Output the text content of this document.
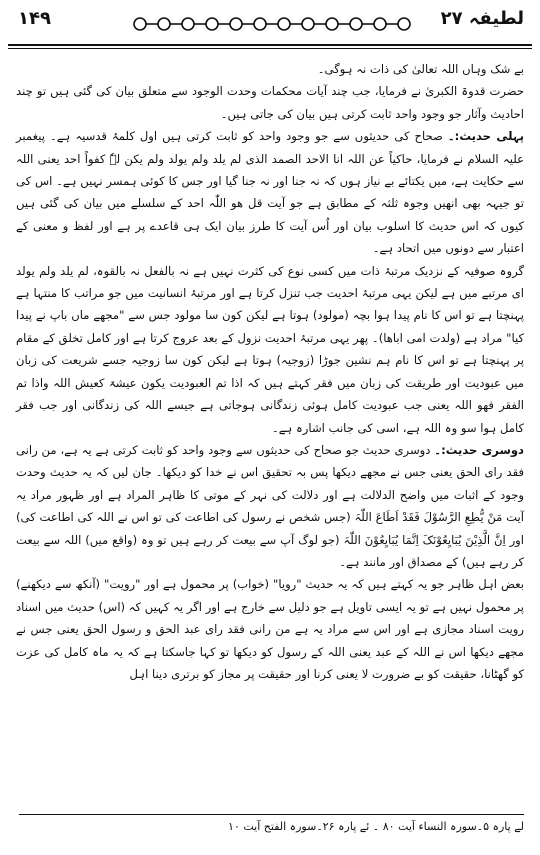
۱۴۹	لطیفہ ۲۷

بے شک وہاں اللہ تعالیٰ کی ذات نہ ہوگی۔

حضرت قدوۃ الکبریٰ نے فرمایا، جب چند آیات محکمات وحدت الوجود سے متعلق بیان کی گئی ہیں تو چند احادیث وآثار جو وجود واحد ثابت کرتی ہیں بیان کی جاتی ہیں۔

پہلی حدیث:۔ صحاح کی حدیثوں سے جو وجود واحد کو ثابت کرتی ہیں اول کلمۂ قدسیہ ہے۔ پیغمبر علیہ السلام نے فرمایا، حاکیاً عن اللہ انا الاحد الصمد الذی لم یلد ولم یولد ولم یکن لہٗ کفواً احد یعنی اللہ سے حکایت ہے، میں یکتائے بے نیاز ہوں کہ نہ جنا اور نہ جنا گیا اور جس کا کوئی ہمسر نہیں ہے۔ اس کی تو جیہہ بھی انھیں وجوہ ثلثہ کے مطابق ہے جو آیت قل ھو اللّٰہ احد کے سلسلے میں بیان کی گئی ہیں کیوں کہ اس حدیث کا اسلوب بیان اور اُس آیت کا طرز بیان ایک ہی قاعدے پر ہے اور لفظ و معنی کے اعتبار سے دونوں میں اتحاد ہے۔

گروہ صوفیہ کے نزدیک مرتبۂ ذات میں کسی نوع کی کثرت نہیں ہے نہ بالفعل نہ بالقوہ، لم یلد ولم یولد ای مرتبے میں ہے لیکن یہی مرتبۂ احدیت جب تنزل کرتا ہے اور مرتبۂ انسانیت میں جو مراتب کا منتہا ہے پہنچتا ہے تو اس کا نام پیدا ہوا بچہ (مولود) ہوتا ہے لیکن کون سا مولود جس سے "مجھے ماں باپ نے پیدا کیا" مراد ہے (ولدت امی اباھا)۔ پھر یہی مرتبۂ احدیت نزول کے بعد عروج کرتا ہے اور کامل تخلق کے مقام پر پہنچتا ہے تو اس کا نام ہم نشین جوڑا (زوجیہ) ہوتا ہے لیکن کون سا زوجیہ جسے شریعت کی زبان میں عبودیت اور طریقت کی زبان میں فقر کہتے ہیں کہ اذا تم العبودیت یکون عیشۃ کعیش اللہ واذا تم الفقر فھو اللہ یعنی جب عبودیت کامل ہوئی زندگانی ہوجاتی ہے جیسے اللہ کی زندگانی اور جب فقر کامل ہوا سو وہ اللہ ہے، اسی کی جانب اشارہ ہے۔

دوسری حدیث:۔ دوسری حدیث جو صحاح کی حدیثوں سے وجود واحد کو ثابت کرتی ہے یہ ہے، من رانی فقد رای الحق یعنی جس نے مجھے دیکھا پس بہ تحقیق اس نے خدا کو دیکھا۔ جان لیں کہ یہ حدیث وحدت وجود کے اثبات میں واضح الدلالت ہے اور دلالت کی نہر کے موتی کا ظاہر المراد ہے اور ظہور مراد یہ آیت مَنْ یُّطِعِ الرَّسُوْلَ فَقَدْ اَطَاعَ اللّٰہَ (جس شخص نے رسول کی اطاعت کی تو اس نے اللہ کی اطاعت کی) اور اِنَّ الَّذِیْنَ یُبَایِعُوْنَکَ اِنَّمَا یُبَایِعُوْنَ اللّٰہَ (جو لوگ آپ سے بیعت کر رہے ہیں تو وہ (واقع میں) اللہ سے بیعت کر رہے ہیں) کے مصداق اور مانند ہے۔

بعض اہل ظاہر جو یہ کہتے ہیں کہ یہ حدیث "رویا" (خواب) پر محمول ہے اور "رویت" (آنکھ سے دیکھنے) پر محمول نہیں ہے تو یہ ایسی تاویل ہے جو دلیل سے خارج ہے اور اگر یہ کہیں کہ (اس) حدیث میں اسناد رویت اسناد مجازی ہے اور اس سے مراد یہ ہے من رانی فقد رای عبد الحق و رسول الحق یعنی جس نے مجھے دیکھا اس نے اللہ کے عبد یعنی اللہ کے رسول کو دیکھا تو کہا جاسکتا ہے کہ یہ ماہ کامل کی عزت کو گھٹانا، حقیقت کو بے ضرورت لا یعنی کرنا اور حقیقت پر مجاز کو برتری دینا اہل

لے پارہ ۵۔سورہ النساء آیت ۸۰ ۔ ئے پارہ ۲۶۔سورہ الفتح آیت ۱۰
